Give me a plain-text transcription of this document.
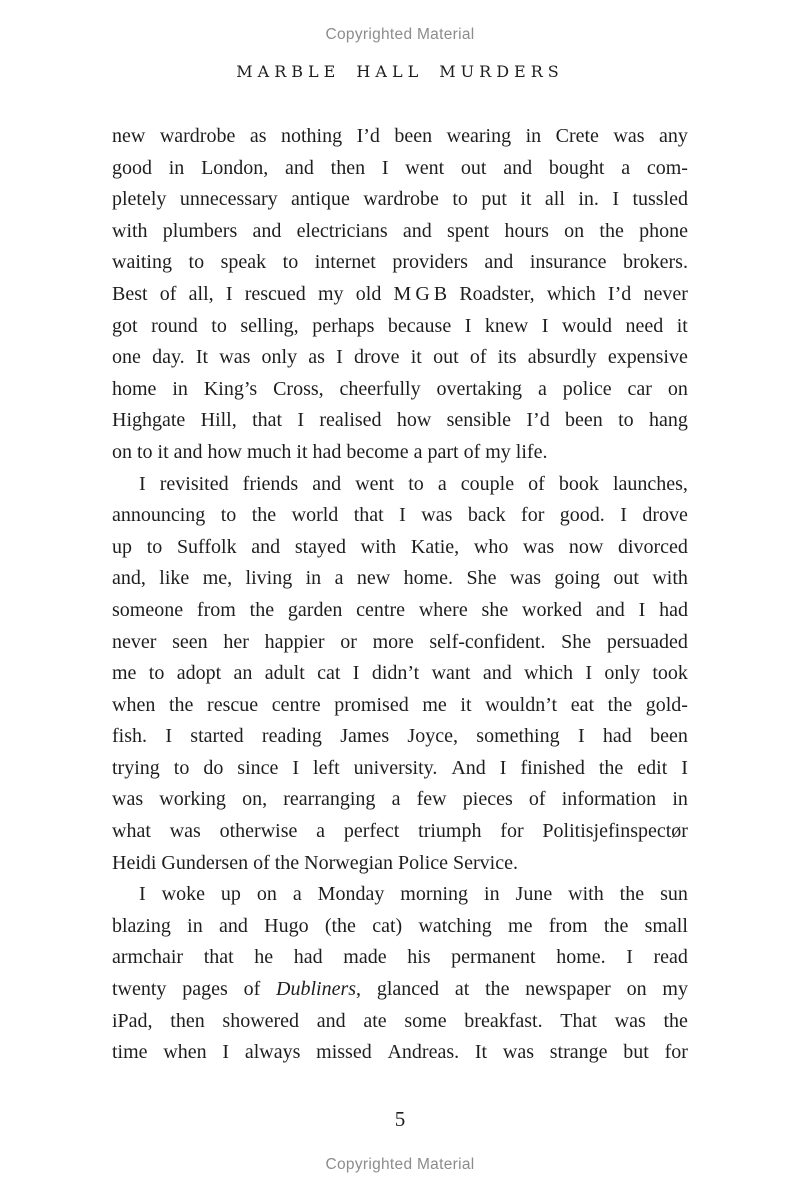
Copyrighted Material
MARBLE HALL MURDERS
new wardrobe as nothing I’d been wearing in Crete was any
good in London, and then I went out and bought a com-
pletely unnecessary antique wardrobe to put it all in. I tussled
with plumbers and electricians and spent hours on the phone
waiting to speak to internet providers and insurance brokers.
Best of all, I rescued my old M G B Roadster, which I’d never
got round to selling, perhaps because I knew I would need it
one day. It was only as I drove it out of its absurdly expensive
home in King’s Cross, cheerfully overtaking a police car on
Highgate Hill, that I realised how sensible I’d been to hang
on to it and how much it had become a part of my life.
I revisited friends and went to a couple of book launches,
announcing to the world that I was back for good. I drove
up to Suffolk and stayed with Katie, who was now divorced
and, like me, living in a new home. She was going out with
someone from the garden centre where she worked and I had
never seen her happier or more self-confident. She persuaded
me to adopt an adult cat I didn’t want and which I only took
when the rescue centre promised me it wouldn’t eat the gold-
fish. I started reading James Joyce, something I had been
trying to do since I left university. And I finished the edit I
was working on, rearranging a few pieces of information in
what was otherwise a perfect triumph for Politisjefinspectør
Heidi Gundersen of the Norwegian Police Service.
I woke up on a Monday morning in June with the sun
blazing in and Hugo (the cat) watching me from the small
armchair that he had made his permanent home. I read
twenty pages of Dubliners, glanced at the newspaper on my
iPad, then showered and ate some breakfast. That was the
time when I always missed Andreas. It was strange but for
5
Copyrighted Material
